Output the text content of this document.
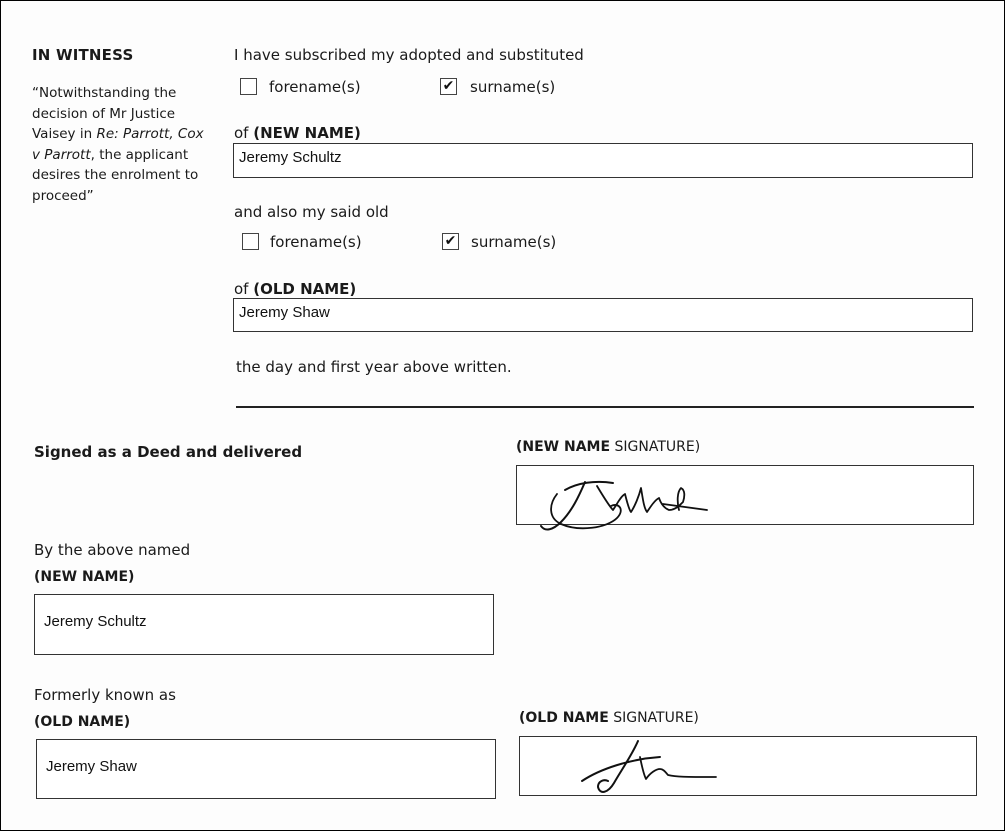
IN WITNESS
“Notwithstanding the decision of Mr Justice Vaisey in Re: Parrott, Cox v Parrott, the applicant desires the enrolment to proceed”
I have subscribed my adopted and substituted
forename(s)	✔ surname(s)
of (NEW NAME)
Jeremy Schultz
and also my said old
forename(s)	✔ surname(s)
of (OLD NAME)
Jeremy Shaw
the day and first year above written.
Signed as a Deed and delivered	(NEW NAME SIGNATURE)
By the above named
(NEW NAME)
Jeremy Schultz
Formerly known as
(OLD NAME)
Jeremy Shaw
(OLD NAME SIGNATURE)
